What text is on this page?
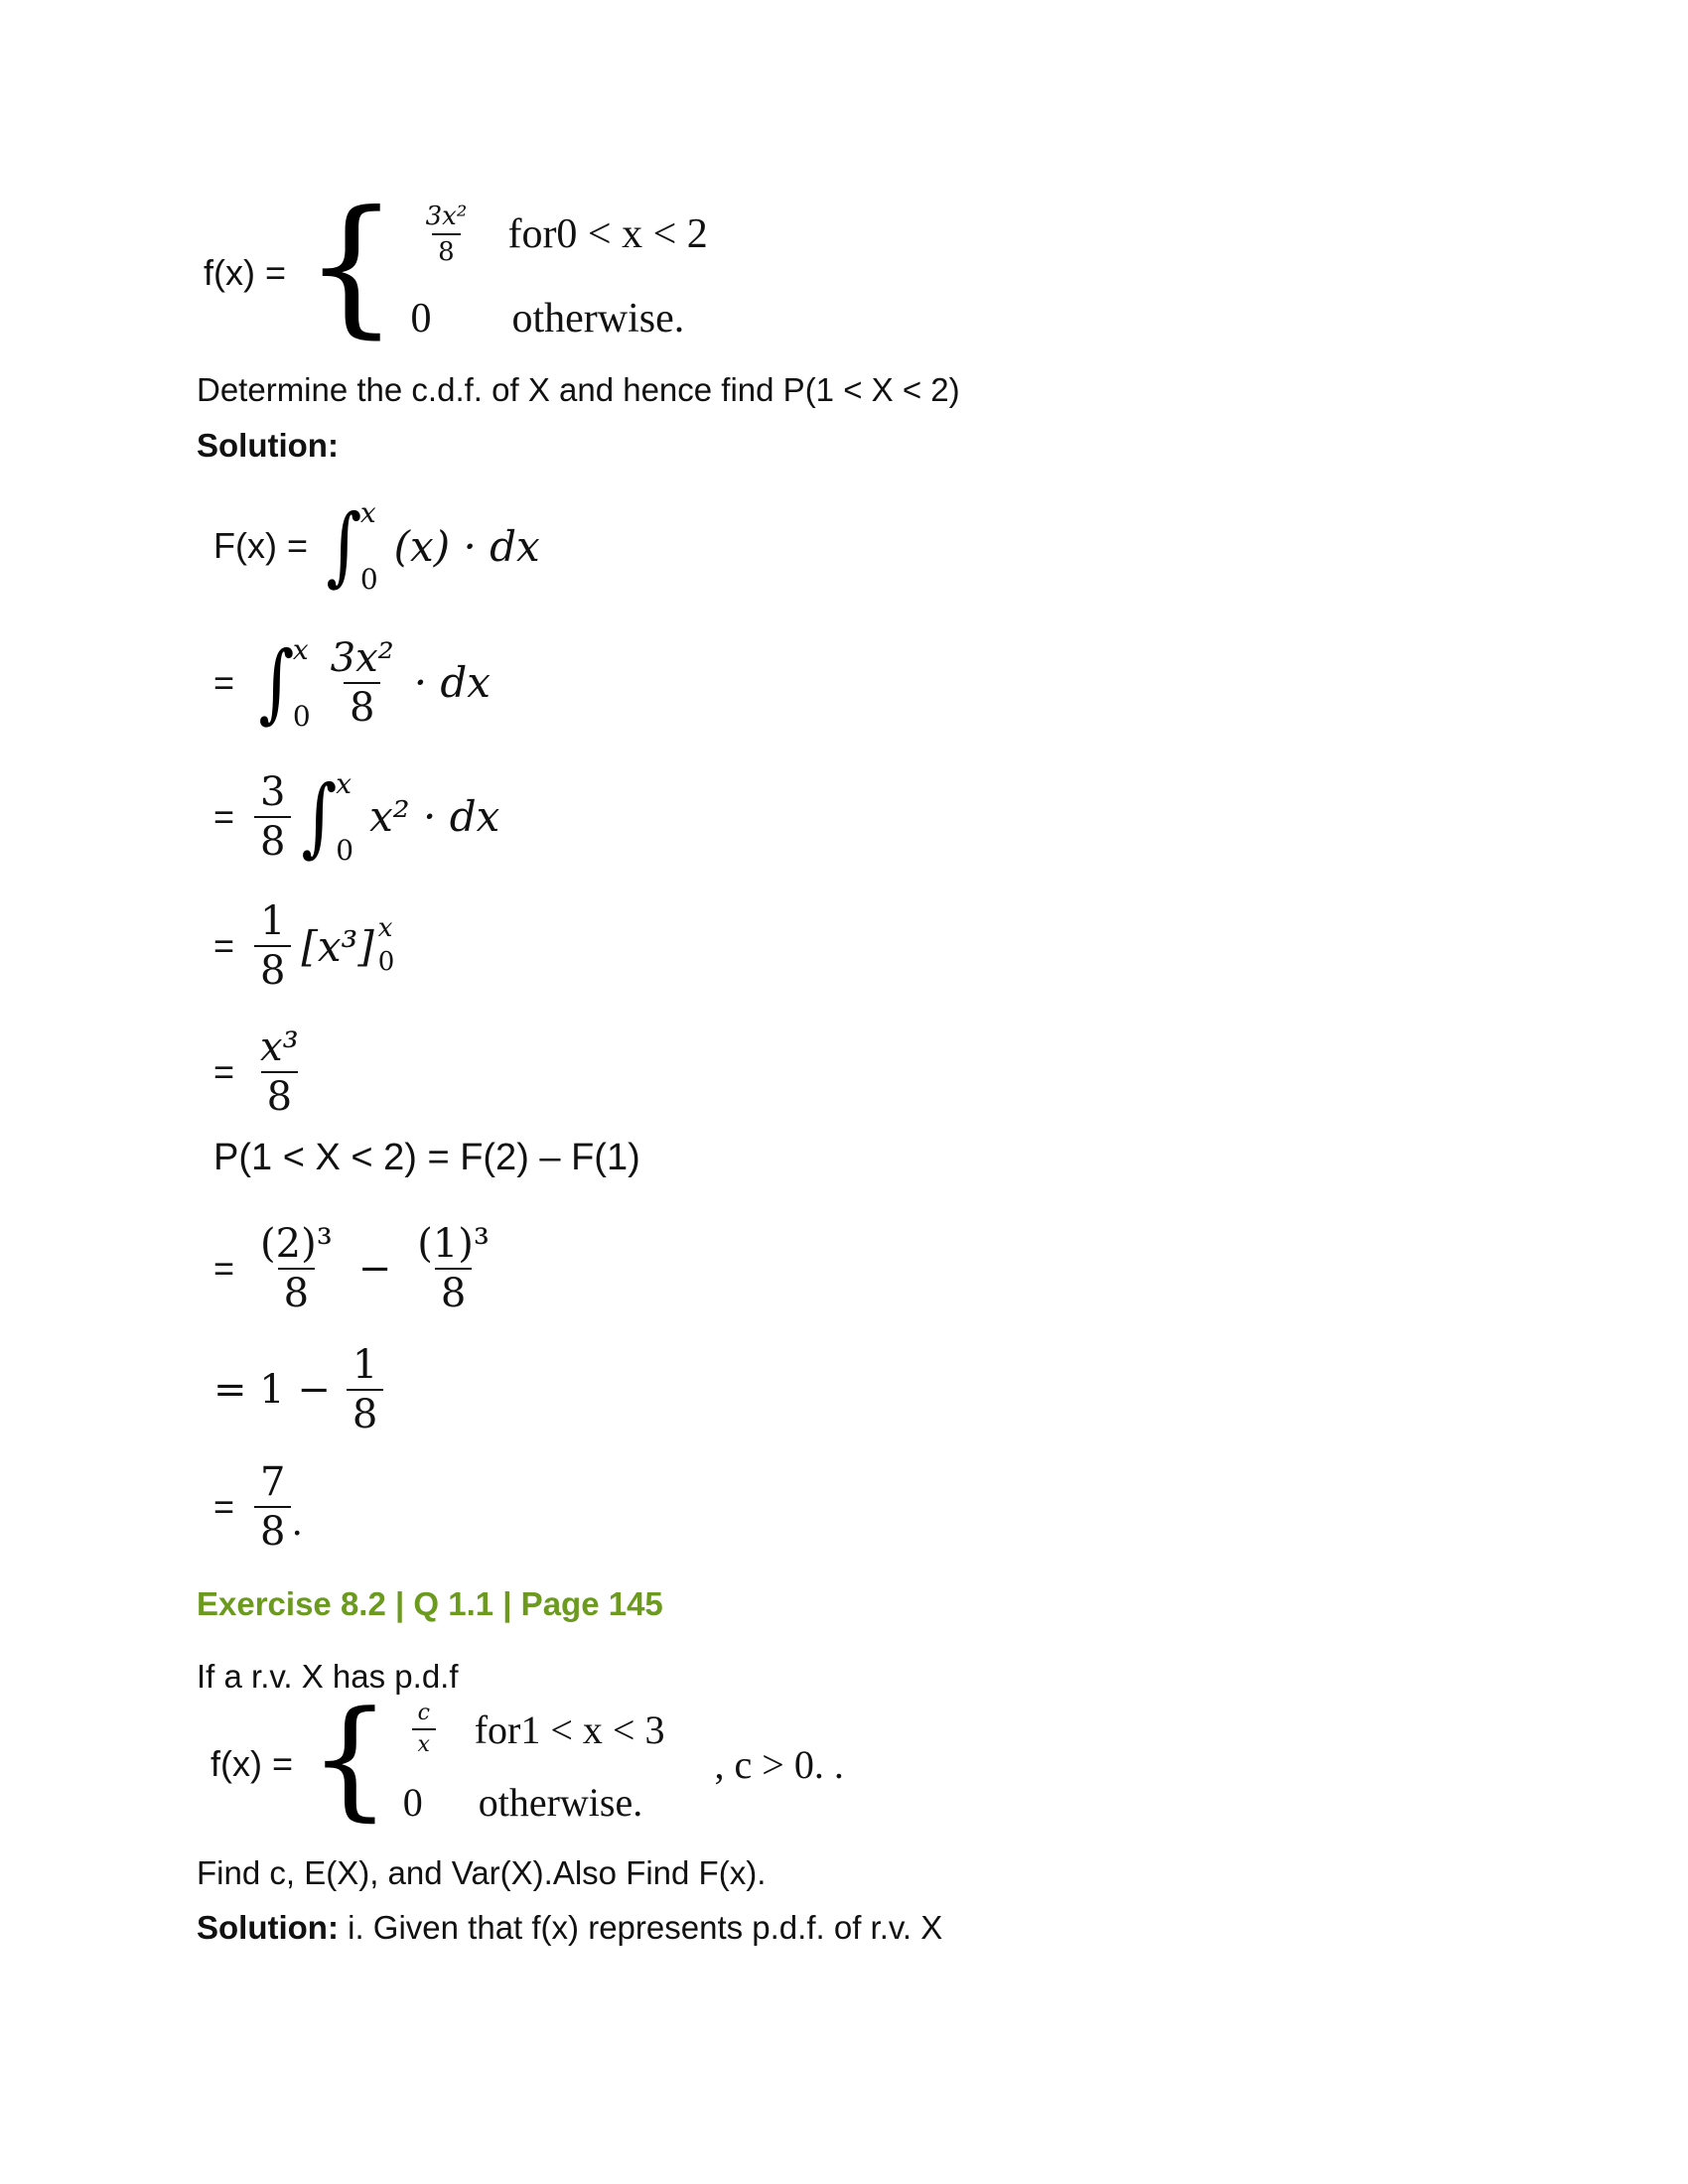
f(x) = { $\frac{\text{3x²}}{8} for0 < x < 2$
0	otherwise.
Determine the c.d.f. of X and hence find P(1 < X < 2)
Solution:
F(x) = ∫
x
0
(x) · dx
= ∫
x
$0 \frac{\text{3x²}}{8}$ · dx
= $\frac{3}{8}$ ∫
x
0
x² · dx
= $\frac{1}{8} [x^3]$ x
0
= $\frac{\text{x³}}{8}$
P(1 < X < 2) = F(2) – F(1)
= $\frac{\text{(2)³}}{8} - \frac{\text{(1)³}}{8}$
= $1 - \frac{1}{8}$
= $\frac{7}{8}$ .
Exercise 8.2 | Q 1.1 | Page 145
If a r.v. X has p.d.f
f(x) = { $\frac{c}{x} for1 < x < 3$
0	otherwise.
, c > 0. .
Find c, E(X), and Var(X).Also Find F(x).
Solution: i. Given that f(x) represents p.d.f. of r.v. X
